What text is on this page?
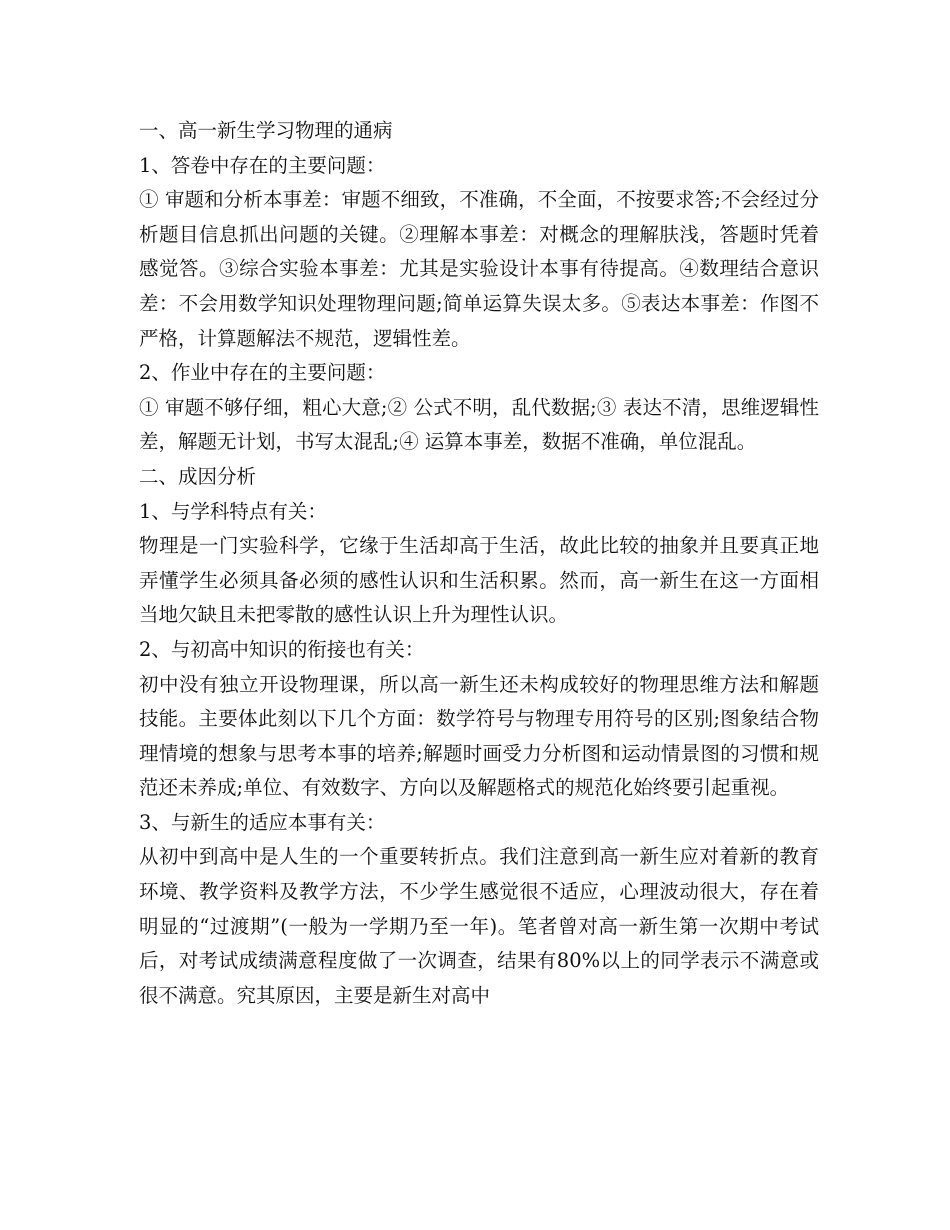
一、高一新生学习物理的通病

1、答卷中存在的主要问题：

① 审题和分析本事差：审题不细致，不准确，不全面，不按要求答;不会经过分析题目信息抓出问题的关键。②理解本事差：对概念的理解肤浅，答题时凭着感觉答。③综合实验本事差：尤其是实验设计本事有待提高。④数理结合意识差：不会用数学知识处理物理问题;简单运算失误太多。⑤表达本事差：作图不严格，计算题解法不规范，逻辑性差。

2、作业中存在的主要问题：

① 审题不够仔细，粗心大意;② 公式不明，乱代数据;③ 表达不清，思维逻辑性差，解题无计划，书写太混乱;④ 运算本事差，数据不准确，单位混乱。

二、成因分析

1、与学科特点有关：

物理是一门实验科学，它缘于生活却高于生活，故此比较的抽象并且要真正地弄懂学生必须具备必须的感性认识和生活积累。然而，高一新生在这一方面相当地欠缺且未把零散的感性认识上升为理性认识。

2、与初高中知识的衔接也有关：

初中没有独立开设物理课，所以高一新生还未构成较好的物理思维方法和解题技能。主要体此刻以下几个方面：数学符号与物理专用符号的区别;图象结合物理情境的想象与思考本事的培养;解题时画受力分析图和运动情景图的习惯和规范还未养成;单位、有效数字、方向以及解题格式的规范化始终要引起重视。

3、与新生的适应本事有关：

从初中到高中是人生的一个重要转折点。我们注意到高一新生应对着新的教育环境、教学资料及教学方法，不少学生感觉很不适应，心理波动很大，存在着明显的“过渡期”(一般为一学期乃至一年)。笔者曾对高一新生第一次期中考试后，对考试成绩满意程度做了一次调查，结果有80%以上的同学表示不满意或很不满意。究其原因，主要是新生对高中
